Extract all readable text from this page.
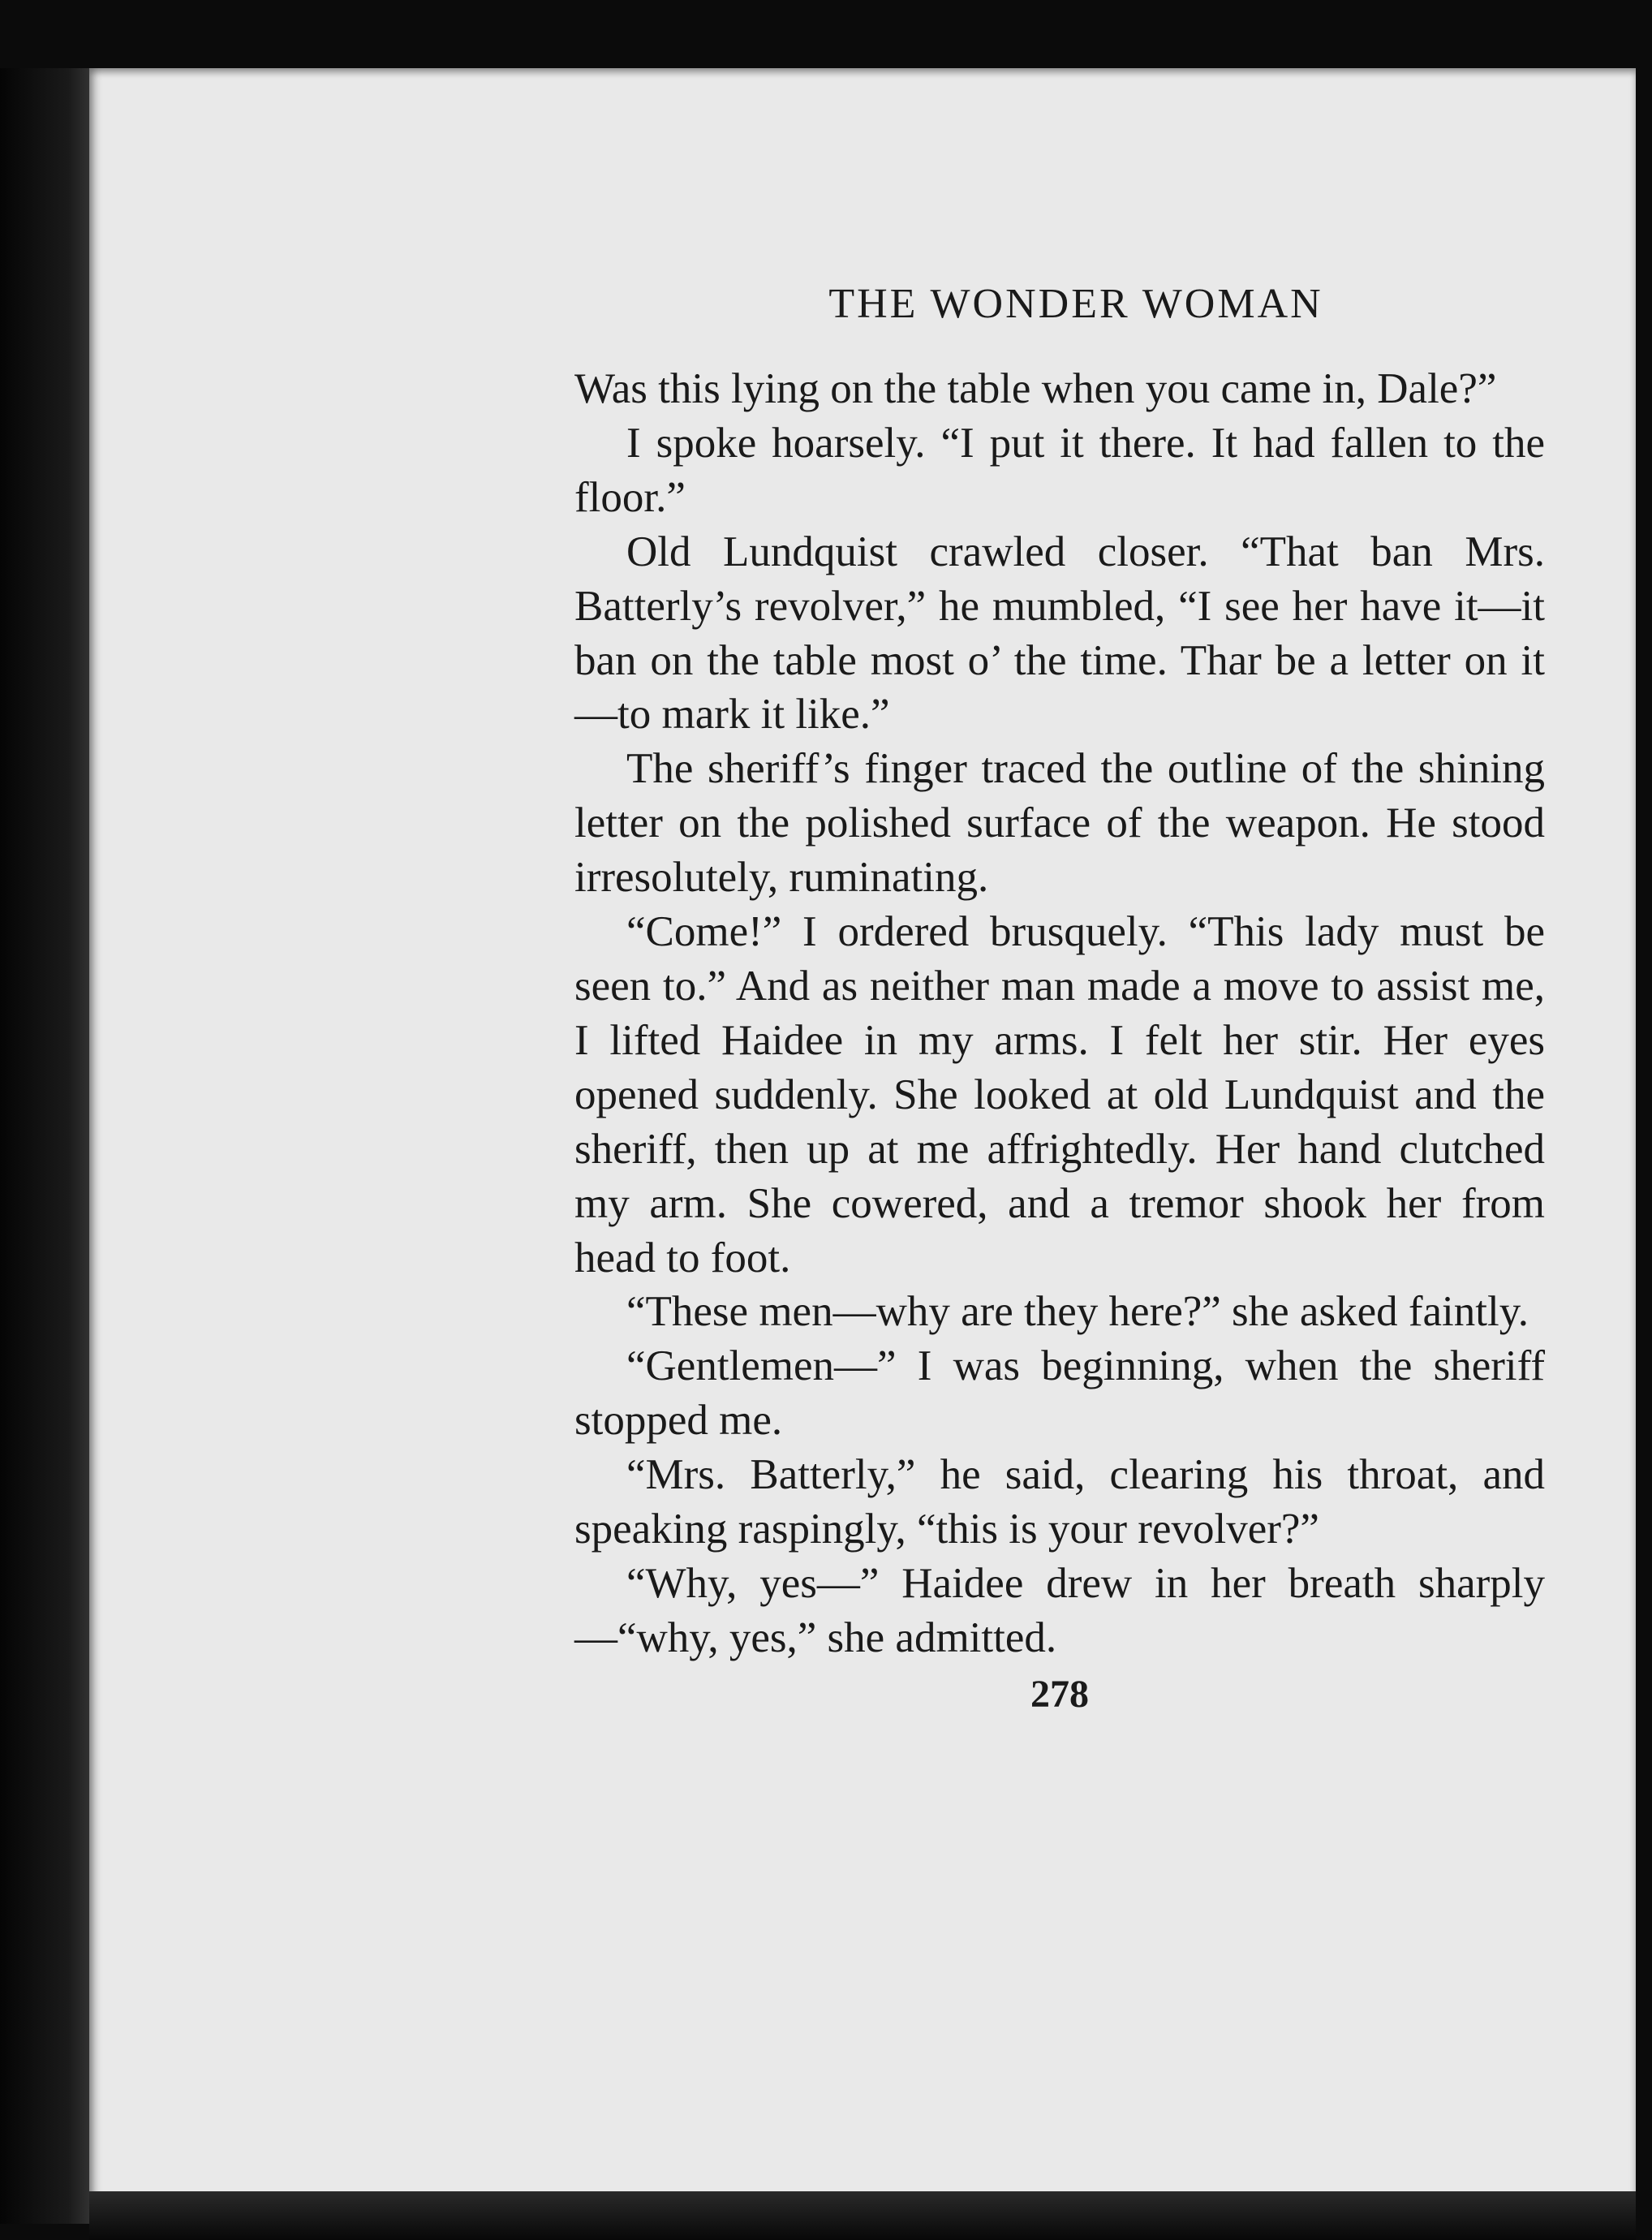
THE WONDER WOMAN

Was this lying on the table when you came in, Dale?”

I spoke hoarsely. “I put it there. It had fallen to the floor.”

Old Lundquist crawled closer. “That ban Mrs. Batterly’s revolver,” he mumbled, “I see her have it—it ban on the table most o’ the time. Thar be a letter on it—to mark it like.”

The sheriff’s finger traced the outline of the shining letter on the polished surface of the weapon. He stood irresolutely, ruminating.

“Come!” I ordered brusquely. “This lady must be seen to.” And as neither man made a move to assist me, I lifted Haidee in my arms. I felt her stir. Her eyes opened suddenly. She looked at old Lundquist and the sheriff, then up at me affrightedly. Her hand clutched my arm. She cowered, and a tremor shook her from head to foot.

“These men—why are they here?” she asked faintly.

“Gentlemen—” I was beginning, when the sheriff stopped me.

“Mrs. Batterly,” he said, clearing his throat, and speaking raspingly, “this is your revolver?”

“Why, yes—” Haidee drew in her breath sharply—“why, yes,” she admitted.

278
